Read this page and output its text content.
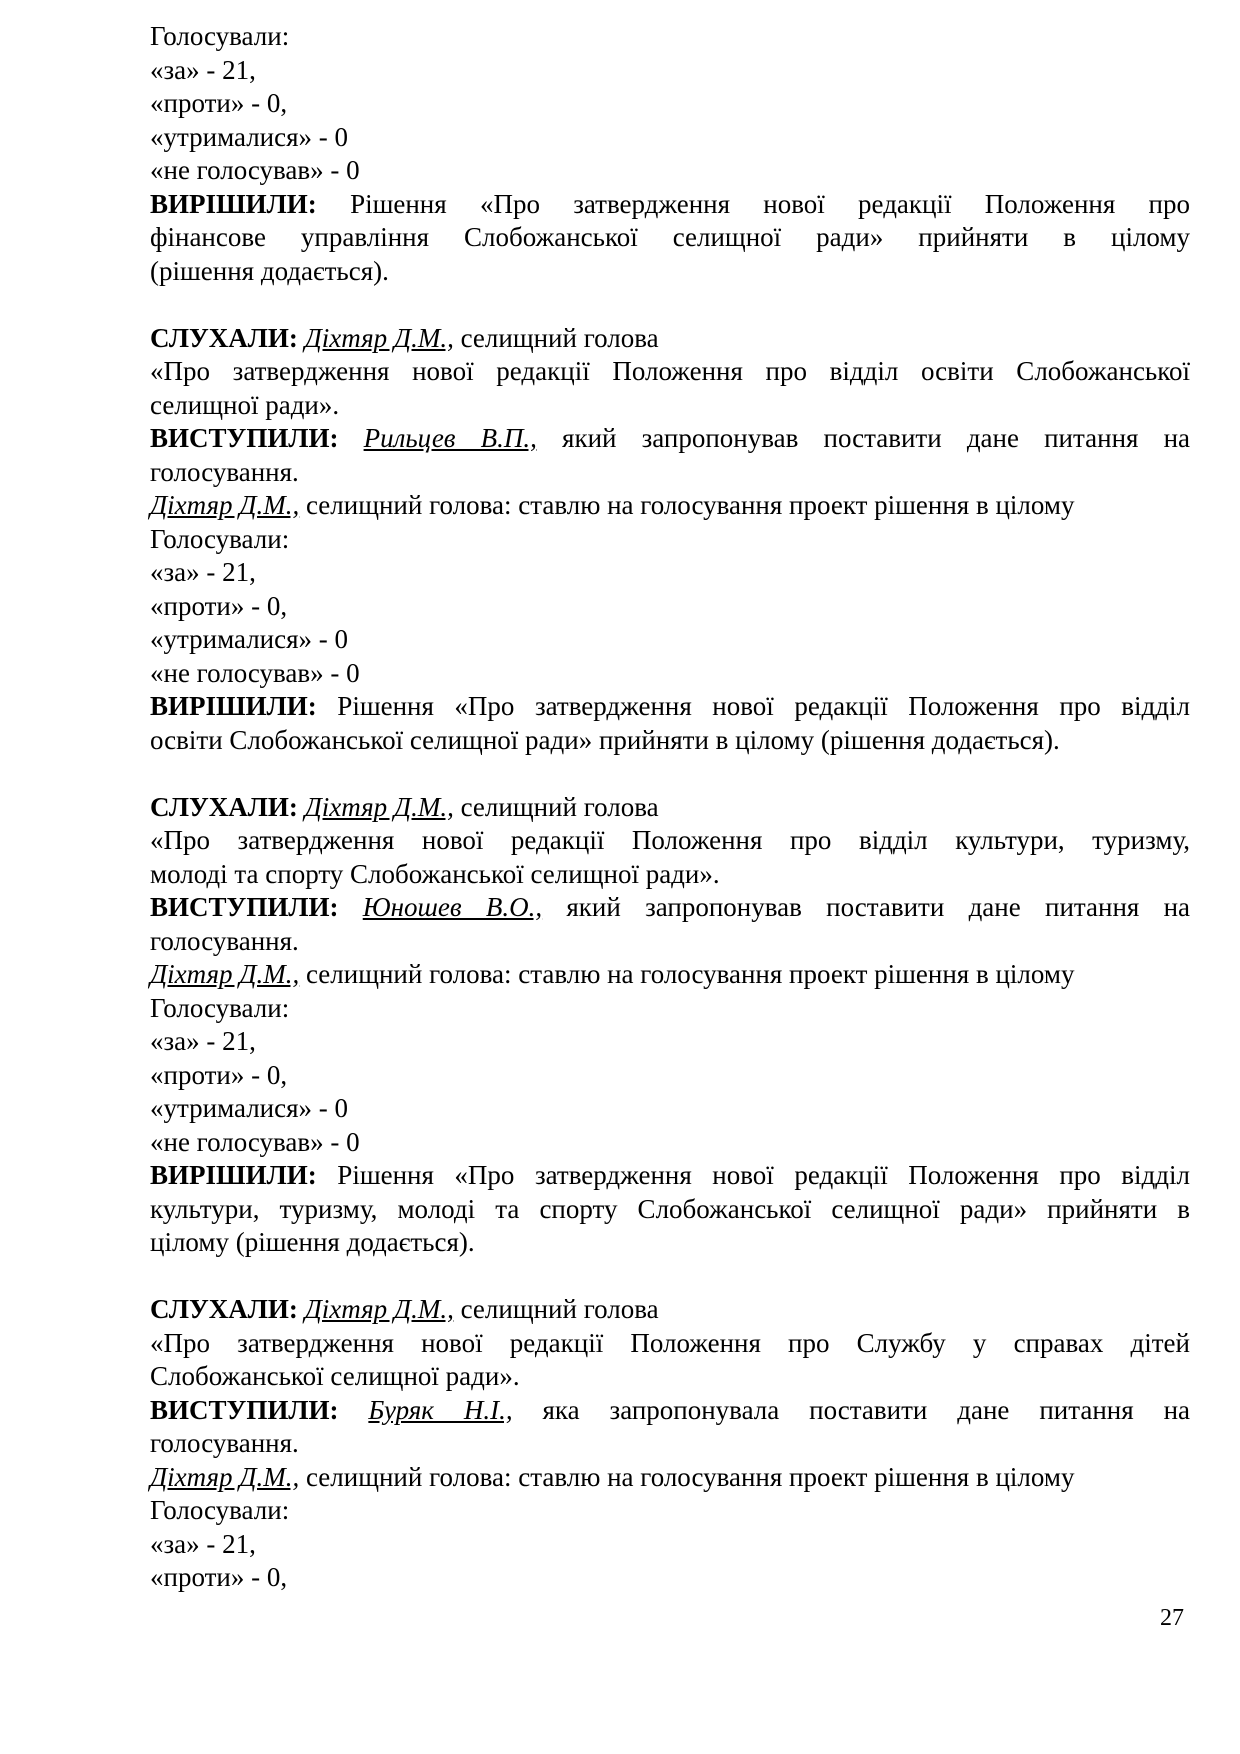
Голосували:
«за» - 21,
«проти» - 0,
«утрималися» - 0
«не голосував» - 0
ВИРІШИЛИ: Рішення «Про затвердження нової редакції Положення про
фінансове управління Слобожанської селищної ради» прийняти в цілому
(рішення додається).
СЛУХАЛИ: Діхтяр Д.М., селищний голова
«Про затвердження нової редакції Положення про відділ освіти Слобожанської
селищної ради».
ВИСТУПИЛИ: Рильцев В.П., який запропонував поставити дане питання на
голосування.
Діхтяр Д.М., селищний голова: ставлю на голосування проект рішення в цілому
Голосували:
«за» - 21,
«проти» - 0,
«утрималися» - 0
«не голосував» - 0
ВИРІШИЛИ: Рішення «Про затвердження нової редакції Положення про відділ
освіти Слобожанської селищної ради» прийняти в цілому (рішення додається).
СЛУХАЛИ: Діхтяр Д.М., селищний голова
«Про затвердження нової редакції Положення про відділ культури, туризму,
молоді та спорту Слобожанської селищної ради».
ВИСТУПИЛИ: Юношев В.О., який запропонував поставити дане питання на
голосування.
Діхтяр Д.М., селищний голова: ставлю на голосування проект рішення в цілому
Голосували:
«за» - 21,
«проти» - 0,
«утрималися» - 0
«не голосував» - 0
ВИРІШИЛИ: Рішення «Про затвердження нової редакції Положення про відділ
культури, туризму, молоді та спорту Слобожанської селищної ради» прийняти в
цілому (рішення додається).
СЛУХАЛИ: Діхтяр Д.М., селищний голова
«Про затвердження нової редакції Положення про Службу у справах дітей
Слобожанської селищної ради».
ВИСТУПИЛИ: Буряк Н.І., яка запропонувала поставити дане питання на
голосування.
Діхтяр Д.М., селищний голова: ставлю на голосування проект рішення в цілому
Голосували:
«за» - 21,
«проти» - 0,
27
